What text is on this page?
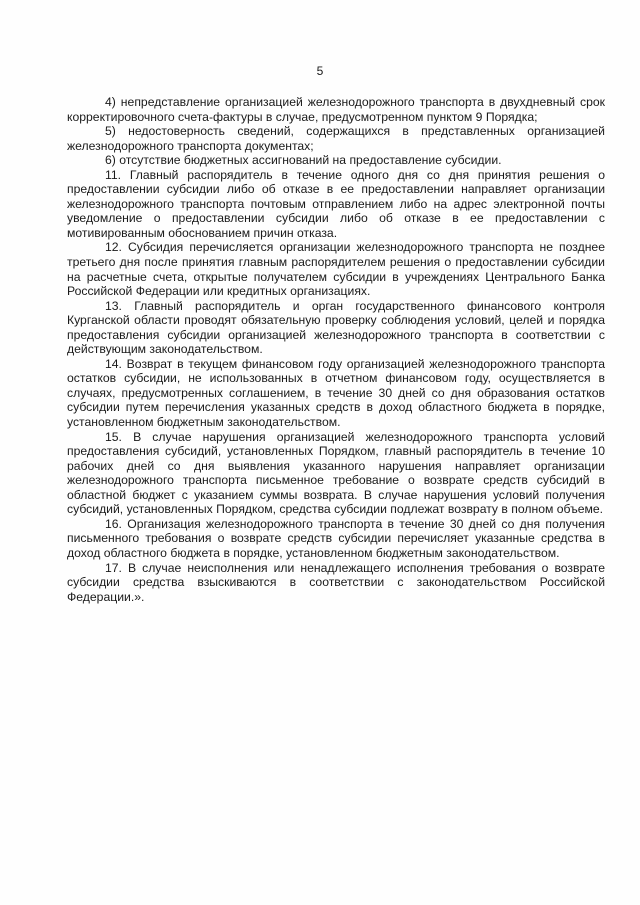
5

4) непредставление организацией железнодорожного транспорта в двухдневный срок корректировочного счета-фактуры в случае, предусмотренном пунктом 9 Порядка;

5) недостоверность сведений, содержащихся в представленных организацией железнодорожного транспорта документах;

6) отсутствие бюджетных ассигнований на предоставление субсидии.

11. Главный распорядитель в течение одного дня со дня принятия решения о предоставлении субсидии либо об отказе в ее предоставлении направляет организации железнодорожного транспорта почтовым отправлением либо на адрес электронной почты уведомление о предоставлении субсидии либо об отказе в ее предоставлении с мотивированным обоснованием причин отказа.

12. Субсидия перечисляется организации железнодорожного транспорта не позднее третьего дня после принятия главным распорядителем решения о предоставлении субсидии на расчетные счета, открытые получателем субсидии в учреждениях Центрального Банка Российской Федерации или кредитных организациях.

13. Главный распорядитель и орган государственного финансового контроля Курганской области проводят обязательную проверку соблюдения условий, целей и порядка предоставления субсидии организацией железнодорожного транспорта в соответствии с действующим законодательством.

14. Возврат в текущем финансовом году организацией железнодорожного транспорта остатков субсидии, не использованных в отчетном финансовом году, осуществляется в случаях, предусмотренных соглашением, в течение 30 дней со дня образования остатков субсидии путем перечисления указанных средств в доход областного бюджета в порядке, установленном бюджетным законодательством.

15. В случае нарушения организацией железнодорожного транспорта условий предоставления субсидий, установленных Порядком, главный распорядитель в течение 10 рабочих дней со дня выявления указанного нарушения направляет организации железнодорожного транспорта письменное требование о возврате средств субсидий в областной бюджет с указанием суммы возврата. В случае нарушения условий получения субсидий, установленных Порядком, средства субсидии подлежат возврату в полном объеме.

16. Организация железнодорожного транспорта в течение 30 дней со дня получения письменного требования о возврате средств субсидии перечисляет указанные средства в доход областного бюджета в порядке, установленном бюджетным законодательством.

17. В случае неисполнения или ненадлежащего исполнения требования о возврате субсидии средства взыскиваются в соответствии с законодательством Российской Федерации.».
